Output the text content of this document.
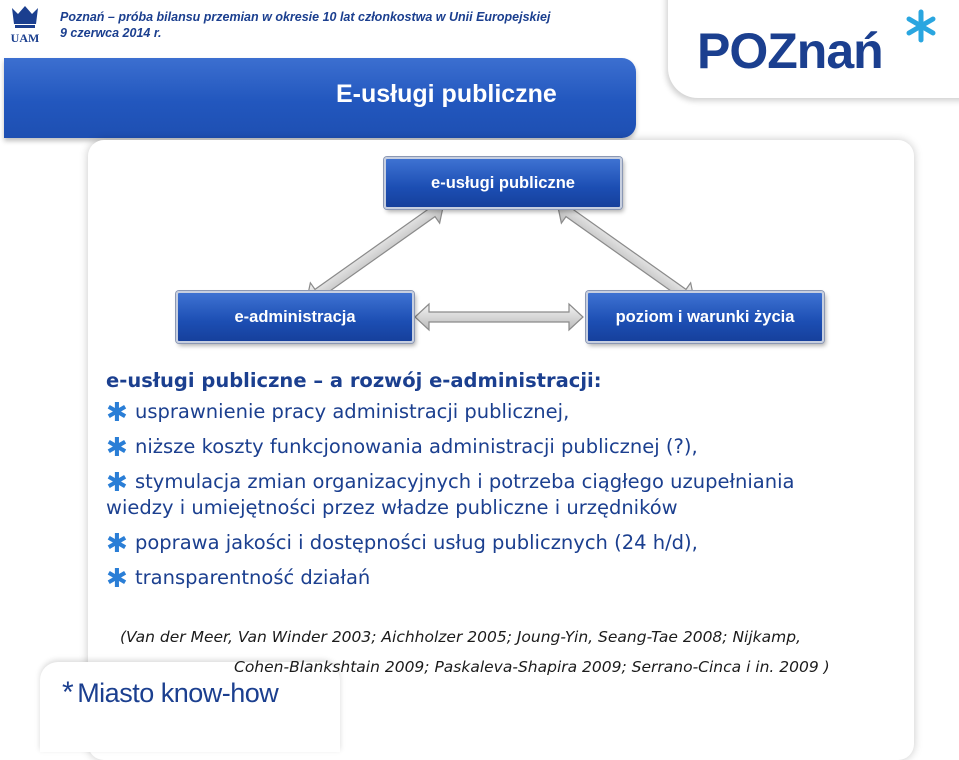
UAM
Poznań – próba bilansu przemian w okresie 10 lat członkostwa w Unii Europejskiej
9 czerwca 2014 r.	POZnań
E-usługi publiczne
e-usługi publiczne
e-administracja	poziom i warunki życia
e-usługi publiczne – a rozwój e-administracji:
✱ usprawnienie pracy administracji publicznej,
✱ niższe koszty funkcjonowania administracji publicznej (?),
✱ stymulacja zmian organizacyjnych i potrzeba ciągłego uzupełniania
wiedzy i umiejętności przez władze publiczne i urzędników
✱ poprawa jakości i dostępności usług publicznych (24 h/d),
✱ transparentność działań
(Van der Meer, Van Winder 2003; Aichholzer 2005; Joung-Yin, Seang-Tae 2008; Nijkamp,
Cohen-Blankshtain 2009; Paskaleva-Shapira 2009; Serrano-Cinca i in. 2009 )
* Miasto know-how
